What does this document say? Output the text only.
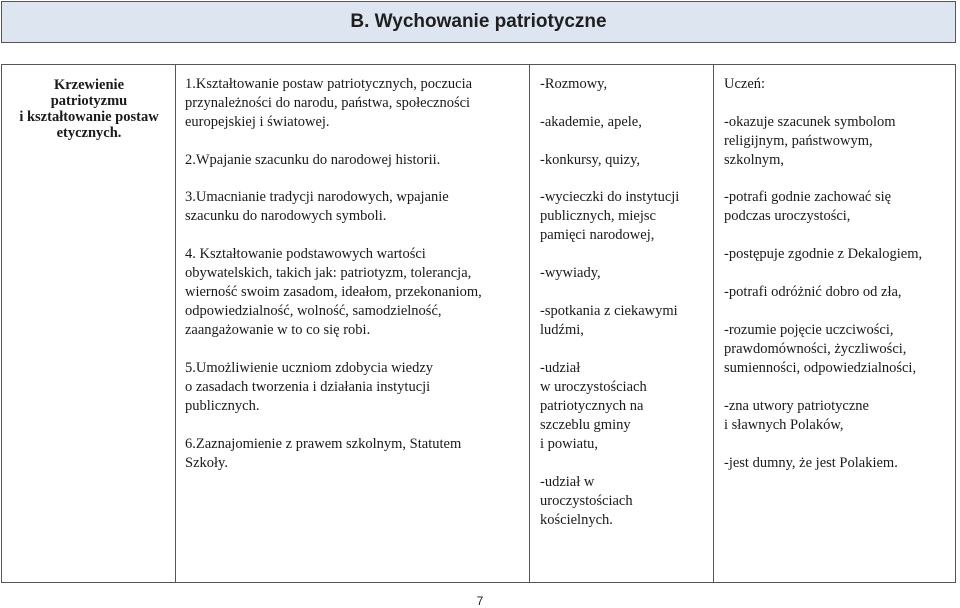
B. Wychowanie patriotyczne
Krzewienie
patriotyzmu
i kształtowanie postaw
etycznych.
1.Kształtowanie postaw patriotycznych, poczucia
przynależności do narodu, państwa, społeczności
europejskiej i światowej.
2.Wpajanie szacunku do narodowej historii.
3.Umacnianie tradycji narodowych, wpajanie
szacunku do narodowych symboli.
4. Kształtowanie podstawowych wartości
obywatelskich, takich jak: patriotyzm, tolerancja,
wierność swoim zasadom, ideałom, przekonaniom,
odpowiedzialność, wolność, samodzielność,
zaangażowanie w to co się robi.
5.Umożliwienie uczniom zdobycia wiedzy
o zasadach tworzenia i działania instytucji
publicznych.
6.Zaznajomienie z prawem szkolnym, Statutem
Szkoły.
-Rozmowy,
-akademie, apele,
-konkursy, quizy,
-wycieczki do instytucji
publicznych, miejsc
pamięci narodowej,
-wywiady,
-spotkania z ciekawymi
ludźmi,
-udział
w uroczystościach
patriotycznych na
szczeblu gminy
i powiatu,
-udział w
uroczystościach
kościelnych.
Uczeń:
-okazuje szacunek symbolom
religijnym, państwowym,
szkolnym,
-potrafi godnie zachować się
podczas uroczystości,
-postępuje zgodnie z Dekalogiem,
-potrafi odróżnić dobro od zła,
-rozumie pojęcie uczciwości,
prawdomówności, życzliwości,
sumienności, odpowiedzialności,
-zna utwory patriotyczne
i sławnych Polaków,
-jest dumny, że jest Polakiem.
7
